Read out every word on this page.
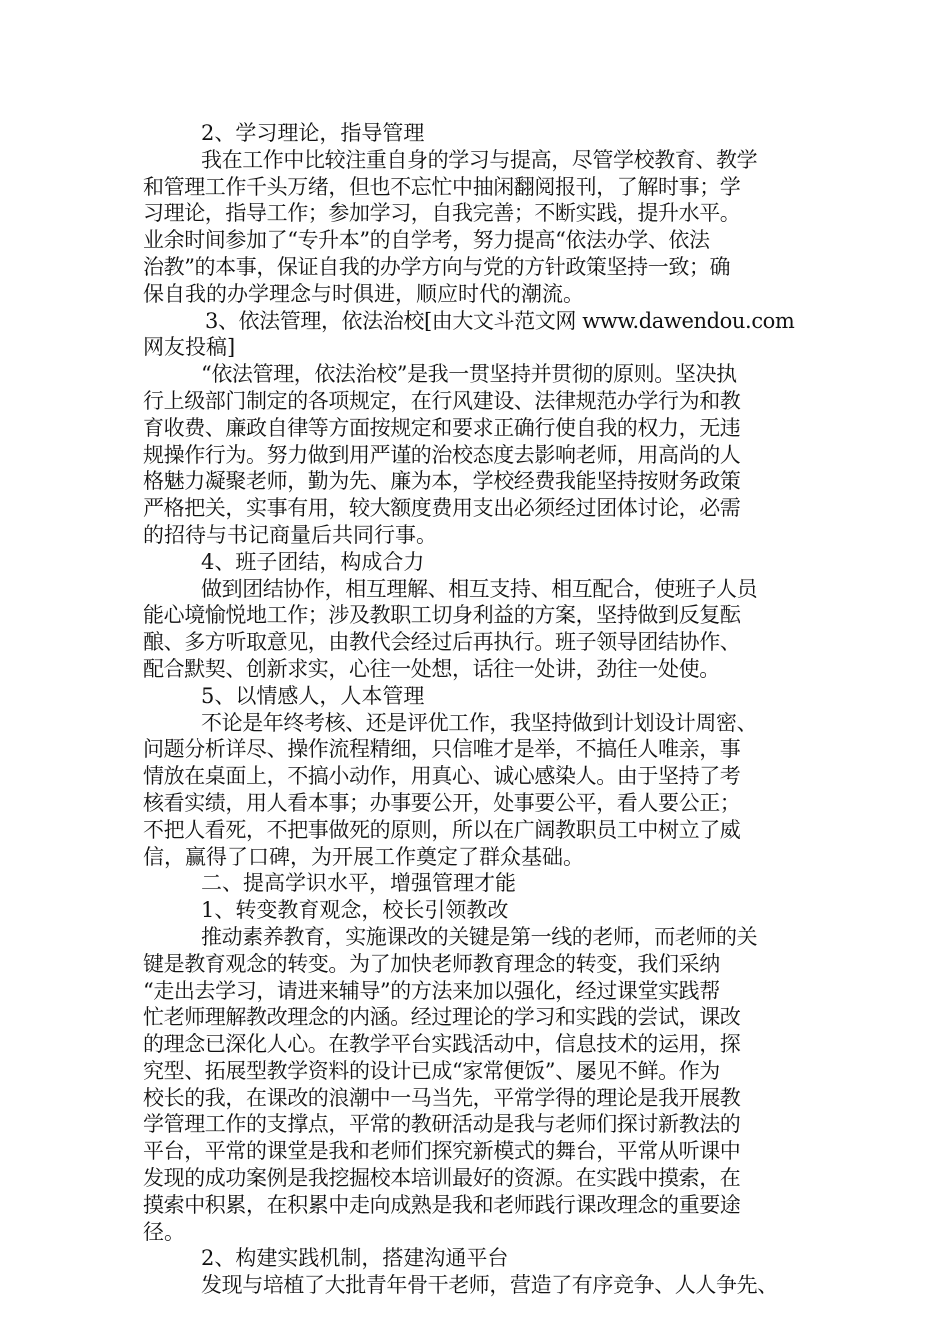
2、学习理论，指导管理
我在工作中比较注重自身的学习与提高，尽管学校教育、教学
和管理工作千头万绪，但也不忘忙中抽闲翻阅报刊，了解时事；学
习理论，指导工作；参加学习，自我完善；不断实践，提升水平。
业余时间参加了“专升本”的自学考，努力提高“依法办学、依法
治教”的本事，保证自我的办学方向与党的方针政策坚持一致；确
保自我的办学理念与时俱进，顺应时代的潮流。
3、依法管理，依法治校[由大文斗范文网 www.dawendou.com
网友投稿]
“依法管理，依法治校”是我一贯坚持并贯彻的原则。坚决执
行上级部门制定的各项规定，在行风建设、法律规范办学行为和教
育收费、廉政自律等方面按规定和要求正确行使自我的权力，无违
规操作行为。努力做到用严谨的治校态度去影响老师，用高尚的人
格魅力凝聚老师，勤为先、廉为本，学校经费我能坚持按财务政策
严格把关，实事有用，较大额度费用支出必须经过团体讨论，必需
的招待与书记商量后共同行事。
4、班子团结，构成合力
做到团结协作，相互理解、相互支持、相互配合，使班子人员
能心境愉悦地工作；涉及教职工切身利益的方案，坚持做到反复酝
酿、多方听取意见，由教代会经过后再执行。班子领导团结协作、
配合默契、创新求实，心往一处想，话往一处讲，劲往一处使。
5、以情感人，人本管理
不论是年终考核、还是评优工作，我坚持做到计划设计周密、
问题分析详尽、操作流程精细，只信唯才是举，不搞任人唯亲，事
情放在桌面上，不搞小动作，用真心、诚心感染人。由于坚持了考
核看实绩，用人看本事；办事要公开，处事要公平，看人要公正；
不把人看死，不把事做死的原则，所以在广阔教职员工中树立了威
信，赢得了口碑，为开展工作奠定了群众基础。
二、提高学识水平，增强管理才能
1、转变教育观念，校长引领教改
推动素养教育，实施课改的关键是第一线的老师，而老师的关
键是教育观念的转变。为了加快老师教育理念的转变，我们采纳
“走出去学习，请进来辅导”的方法来加以强化，经过课堂实践帮
忙老师理解教改理念的内涵。经过理论的学习和实践的尝试，课改
的理念已深化人心。在教学平台实践活动中，信息技术的运用，探
究型、拓展型教学资料的设计已成“家常便饭”、屡见不鲜。作为
校长的我，在课改的浪潮中一马当先，平常学得的理论是我开展教
学管理工作的支撑点，平常的教研活动是我与老师们探讨新教法的
平台，平常的课堂是我和老师们探究新模式的舞台，平常从听课中
发现的成功案例是我挖掘校本培训最好的资源。在实践中摸索，在
摸索中积累，在积累中走向成熟是我和老师践行课改理念的重要途
径。
2、构建实践机制，搭建沟通平台
发现与培植了大批青年骨干老师，营造了有序竞争、人人争先、
